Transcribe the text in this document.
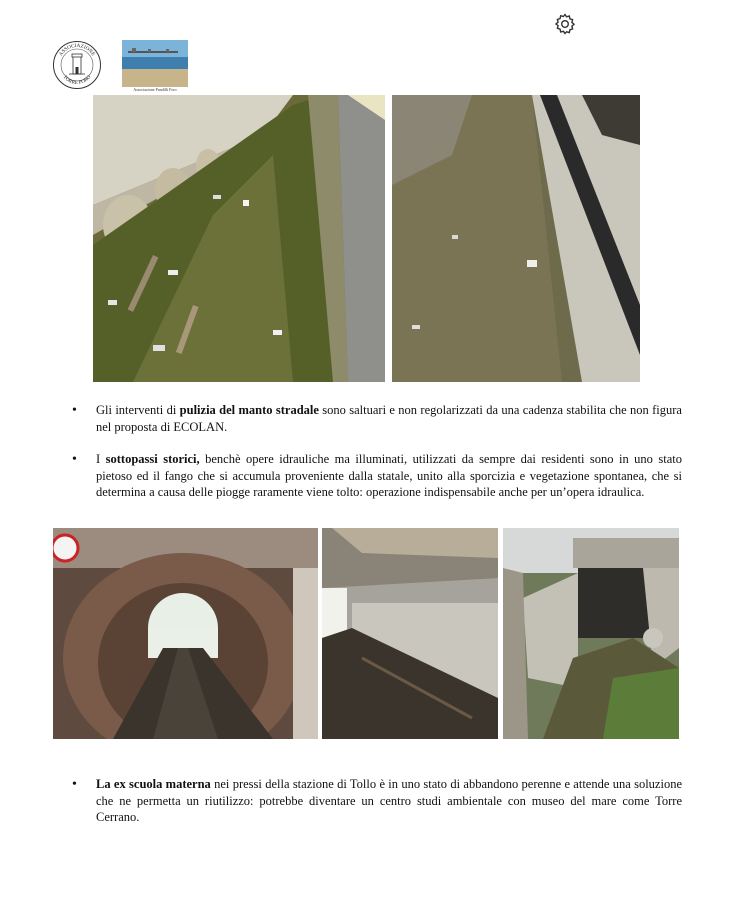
ASSOCIAZIONE
TORRE FORO
Associazione Pandilli Foro
• Gli interventi di pulizia del manto stradale sono saltuari e non regolarizzati da una cadenza stabilita che non figura nel proposta di ECOLAN.
• I sottopassi storici, benchè opere idrauliche ma illuminati, utilizzati da sempre dai residenti sono in uno stato pietoso ed il fango che si accumula proveniente dalla statale, unito alla sporcizia e vegetazione spontanea, che si determina a causa delle piogge raramente viene tolto: operazione indispensabile anche per un’opera idraulica.
• La ex scuola materna nei pressi della stazione di Tollo è in uno stato di abbandono perenne e attende una soluzione che ne permetta un riutilizzo: potrebbe diventare un centro studi ambientale con museo del mare come Torre Cerrano.
